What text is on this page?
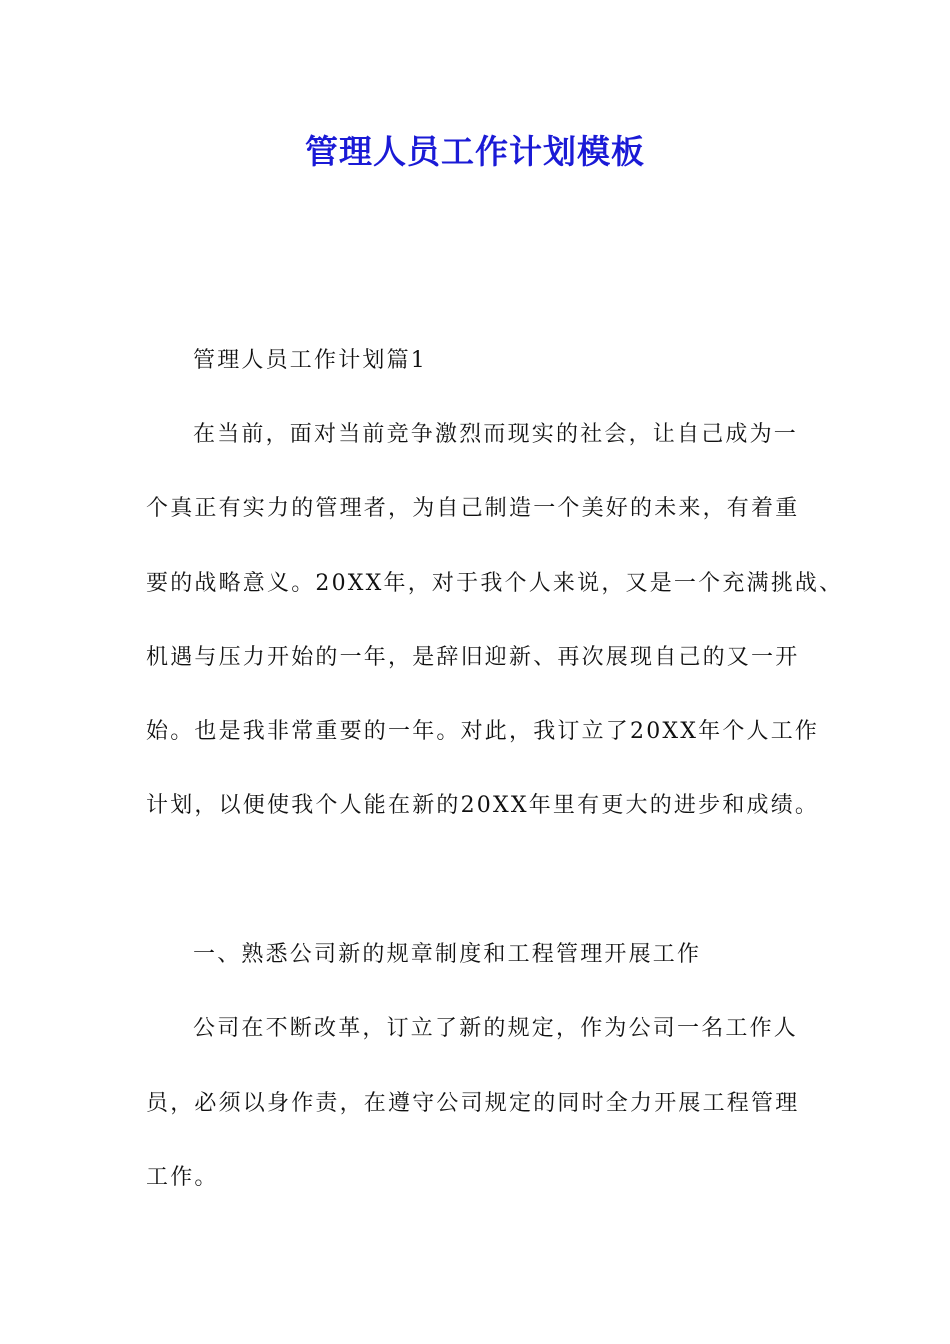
管理人员工作计划模板
管理人员工作计划篇1
在当前，面对当前竞争激烈而现实的社会，让自己成为一
个真正有实力的管理者，为自己制造一个美好的未来，有着重
要的战略意义。20XX年，对于我个人来说，又是一个充满挑战、
机遇与压力开始的一年，是辞旧迎新、再次展现自己的又一开
始。也是我非常重要的一年。对此，我订立了20XX年个人工作
计划，以便使我个人能在新的20XX年里有更大的进步和成绩。
一、熟悉公司新的规章制度和工程管理开展工作
公司在不断改革，订立了新的规定，作为公司一名工作人
员，必须以身作责，在遵守公司规定的同时全力开展工程管理
工作。
